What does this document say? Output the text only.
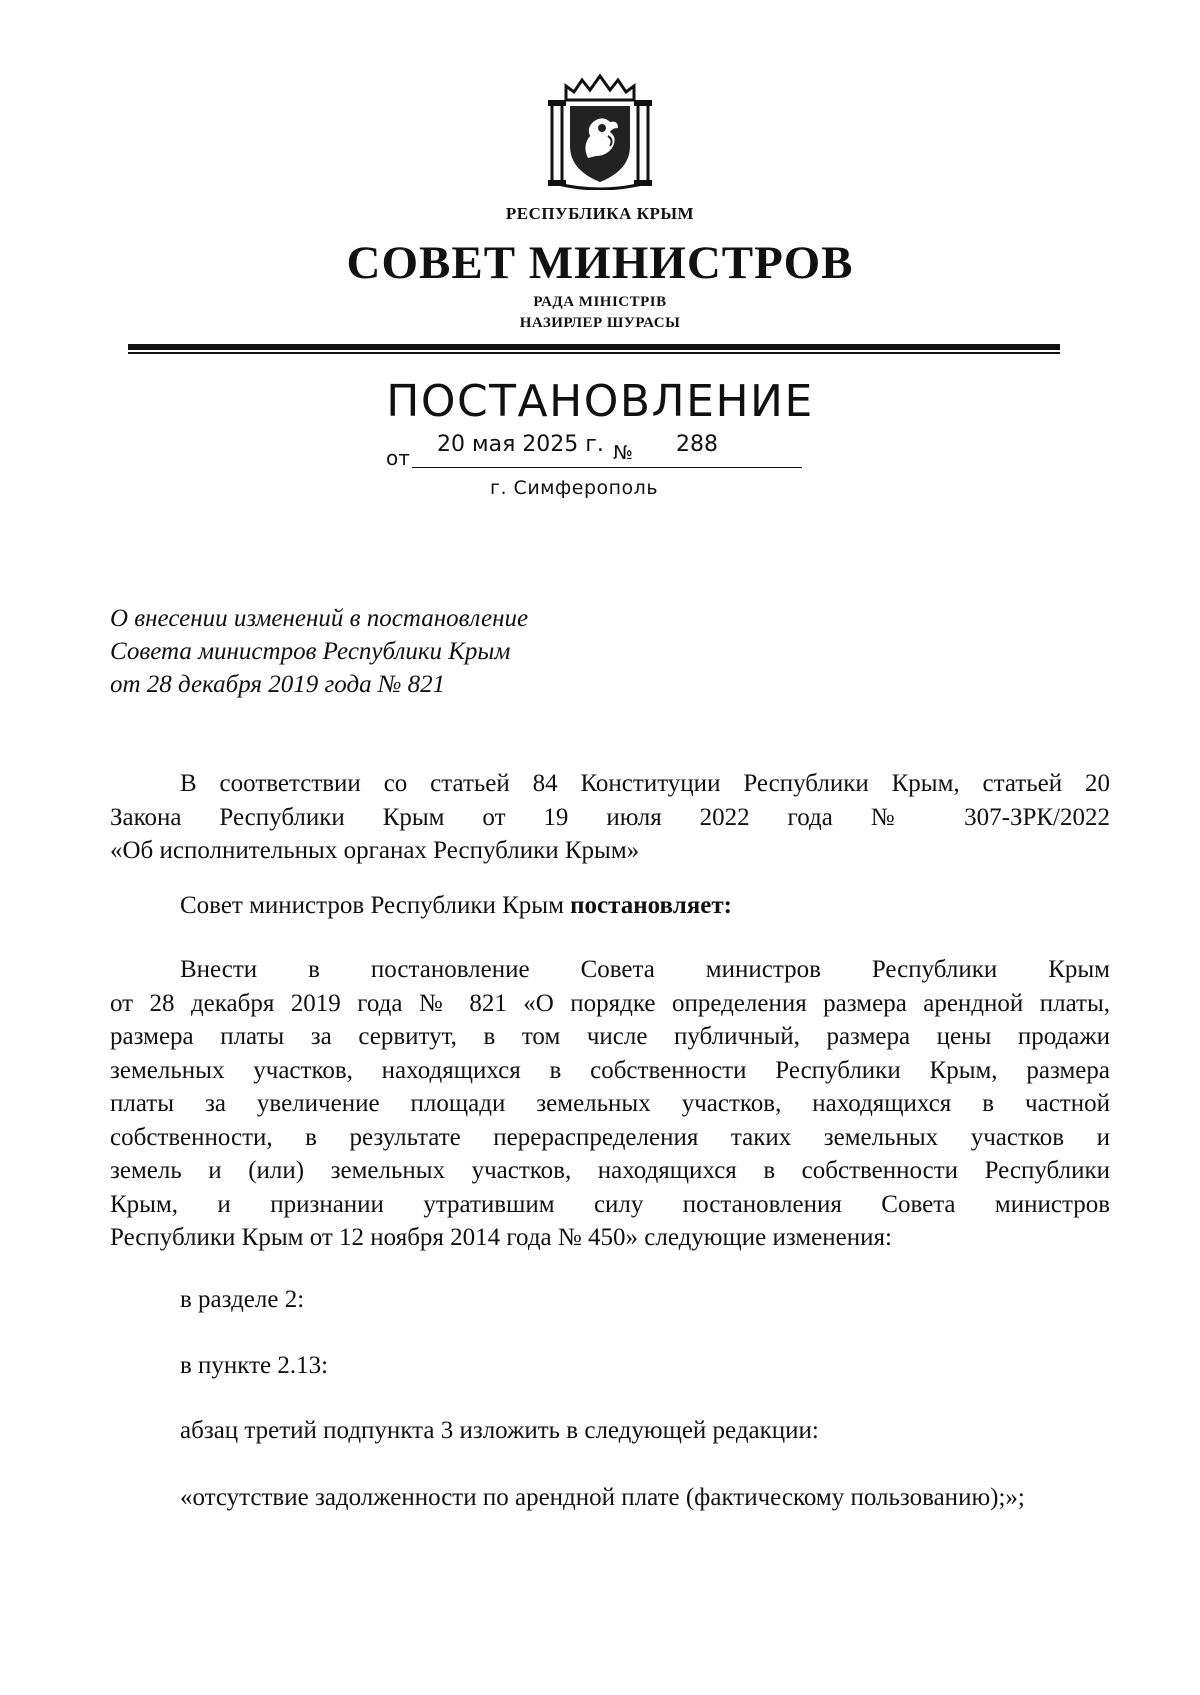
РЕСПУБЛИКА КРЫМ
СОВЕТ МИНИСТРОВ
РАДА МІНІСТРІВ
НАЗИРЛЕР ШУРАСЫ
ПОСТАНОВЛЕНИЕ
от
20 мая 2025 г. № 288
г. Симферополь
О внесении изменений в постановление
Совета министров Республики Крым
от 28 декабря 2019 года № 821
В соответствии со статьей 84 Конституции Республики Крым, статьей 20
Закона Республики Крым от 19 июля 2022 года № 307-ЗРК/2022
«Об исполнительных органах Республики Крым»
Совет министров Республики Крым постановляет:
Внести в постановление Совета министров Республики Крым
от 28 декабря 2019 года № 821 «О порядке определения размера арендной платы,
размера платы за сервитут, в том числе публичный, размера цены продажи
земельных участков, находящихся в собственности Республики Крым, размера
платы за увеличение площади земельных участков, находящихся в частной
собственности, в результате перераспределения таких земельных участков и
земель и (или) земельных участков, находящихся в собственности Республики
Крым, и признании утратившим силу постановления Совета министров
Республики Крым от 12 ноября 2014 года № 450» следующие изменения:
в разделе 2:
в пункте 2.13:
абзац третий подпункта 3 изложить в следующей редакции:
«отсутствие задолженности по арендной плате (фактическому пользованию);»;
